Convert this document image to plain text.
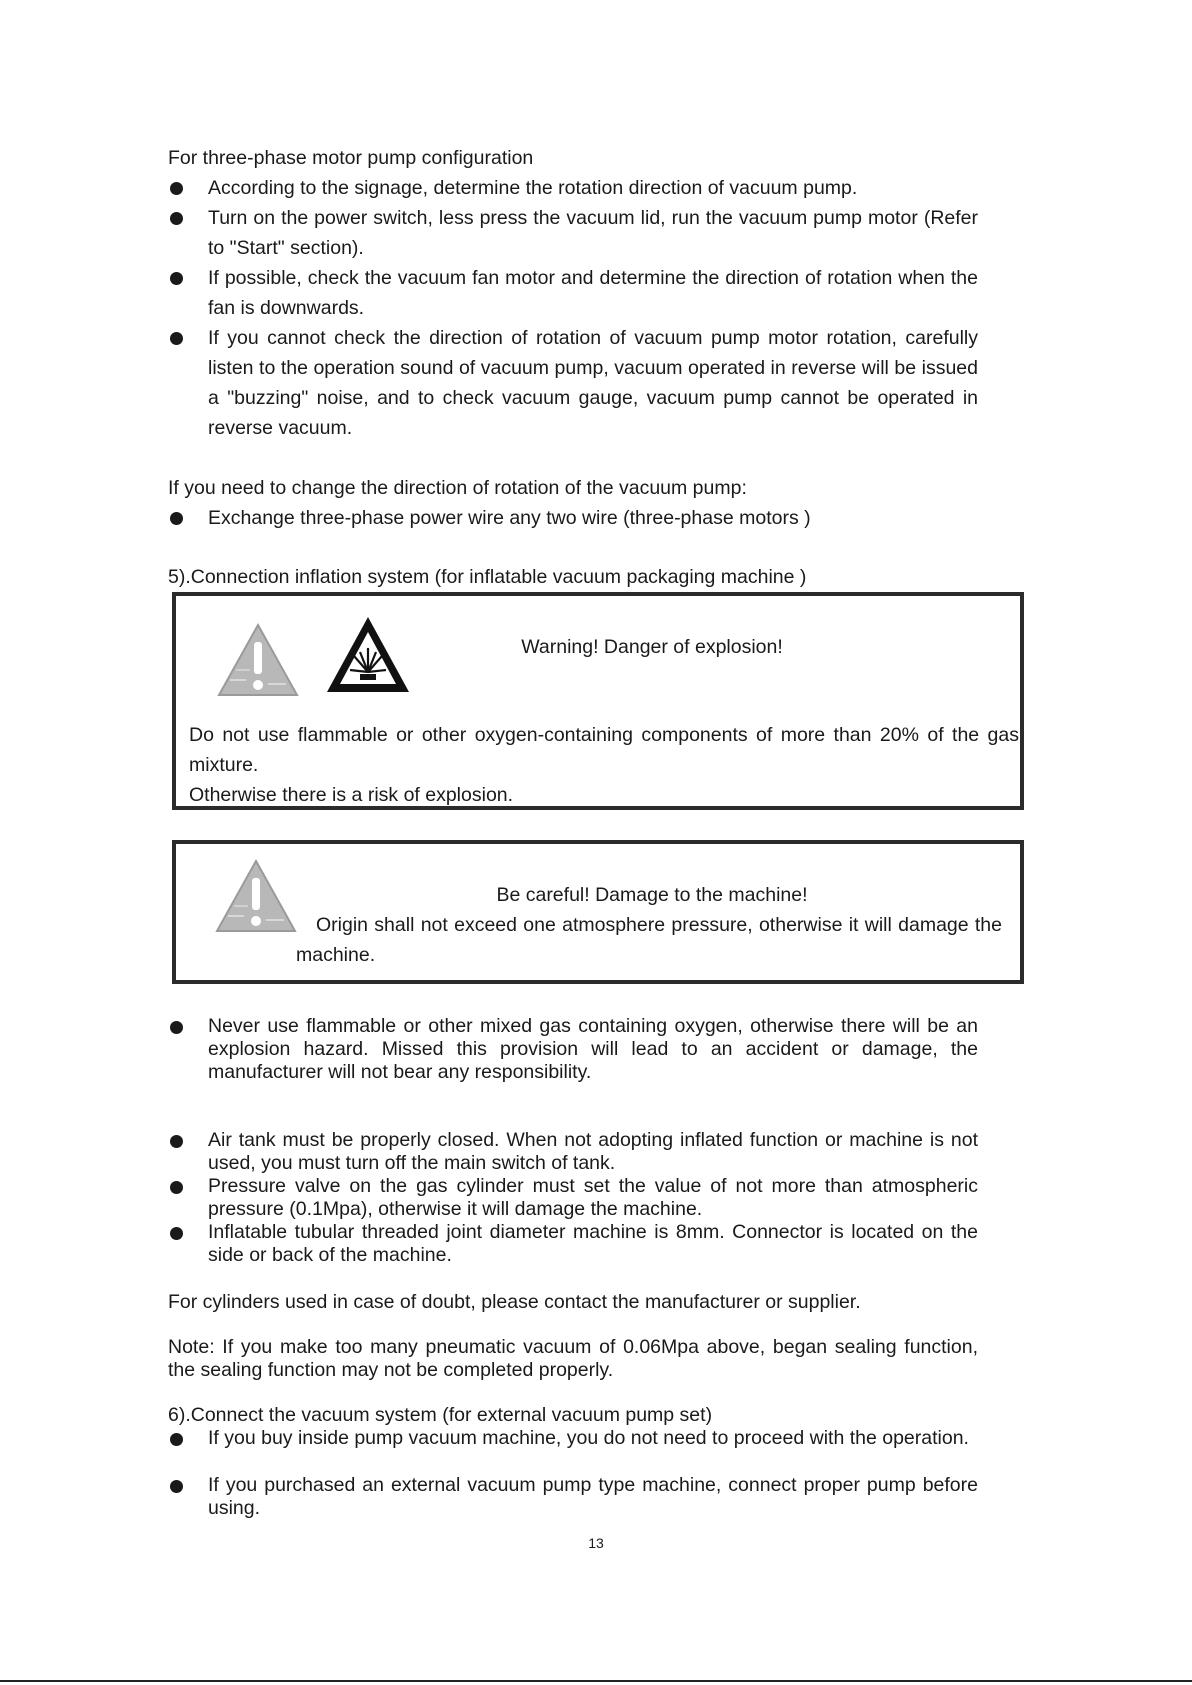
For three-phase motor pump configuration

According to the signage, determine the rotation direction of vacuum pump.
Turn on the power switch, less press the vacuum lid, run the vacuum pump motor (Refer to "Start" section).
If possible, check the vacuum fan motor and determine the direction of rotation when the fan is downwards.
If you cannot check the direction of rotation of vacuum pump motor rotation, carefully listen to the operation sound of vacuum pump, vacuum operated in reverse will be issued a "buzzing" noise, and to check vacuum gauge, vacuum pump cannot be operated in reverse vacuum.

If you need to change the direction of rotation of the vacuum pump:

Exchange three-phase power wire any two wire (three-phase motors )

5).Connection inflation system (for inflatable vacuum packaging machine )

Warning! Danger of explosion!
Do not use flammable or other oxygen-containing components of more than 20% of the gas mixture.
Otherwise there is a risk of explosion.
Be careful! Damage to the machine!
Origin shall not exceed one atmosphere pressure, otherwise it will damage the machine.
Never use flammable or other mixed gas containing oxygen, otherwise there will be an explosion hazard. Missed this provision will lead to an accident or damage, the manufacturer will not bear any responsibility.
Air tank must be properly closed. When not adopting inflated function or machine is not used, you must turn off the main switch of tank.
Pressure valve on the gas cylinder must set the value of not more than atmospheric pressure (0.1Mpa), otherwise it will damage the machine.
Inflatable tubular threaded joint diameter machine is 8mm. Connector is located on the side or back of the machine.

For cylinders used in case of doubt, please contact the manufacturer or supplier.

Note: If you make too many pneumatic vacuum of 0.06Mpa above, began sealing function, the sealing function may not be completed properly.

6).Connect the vacuum system (for external vacuum pump set)

If you buy inside pump vacuum machine, you do not need to proceed with the operation.
If you purchased an external vacuum pump type machine, connect proper pump before using.
13
